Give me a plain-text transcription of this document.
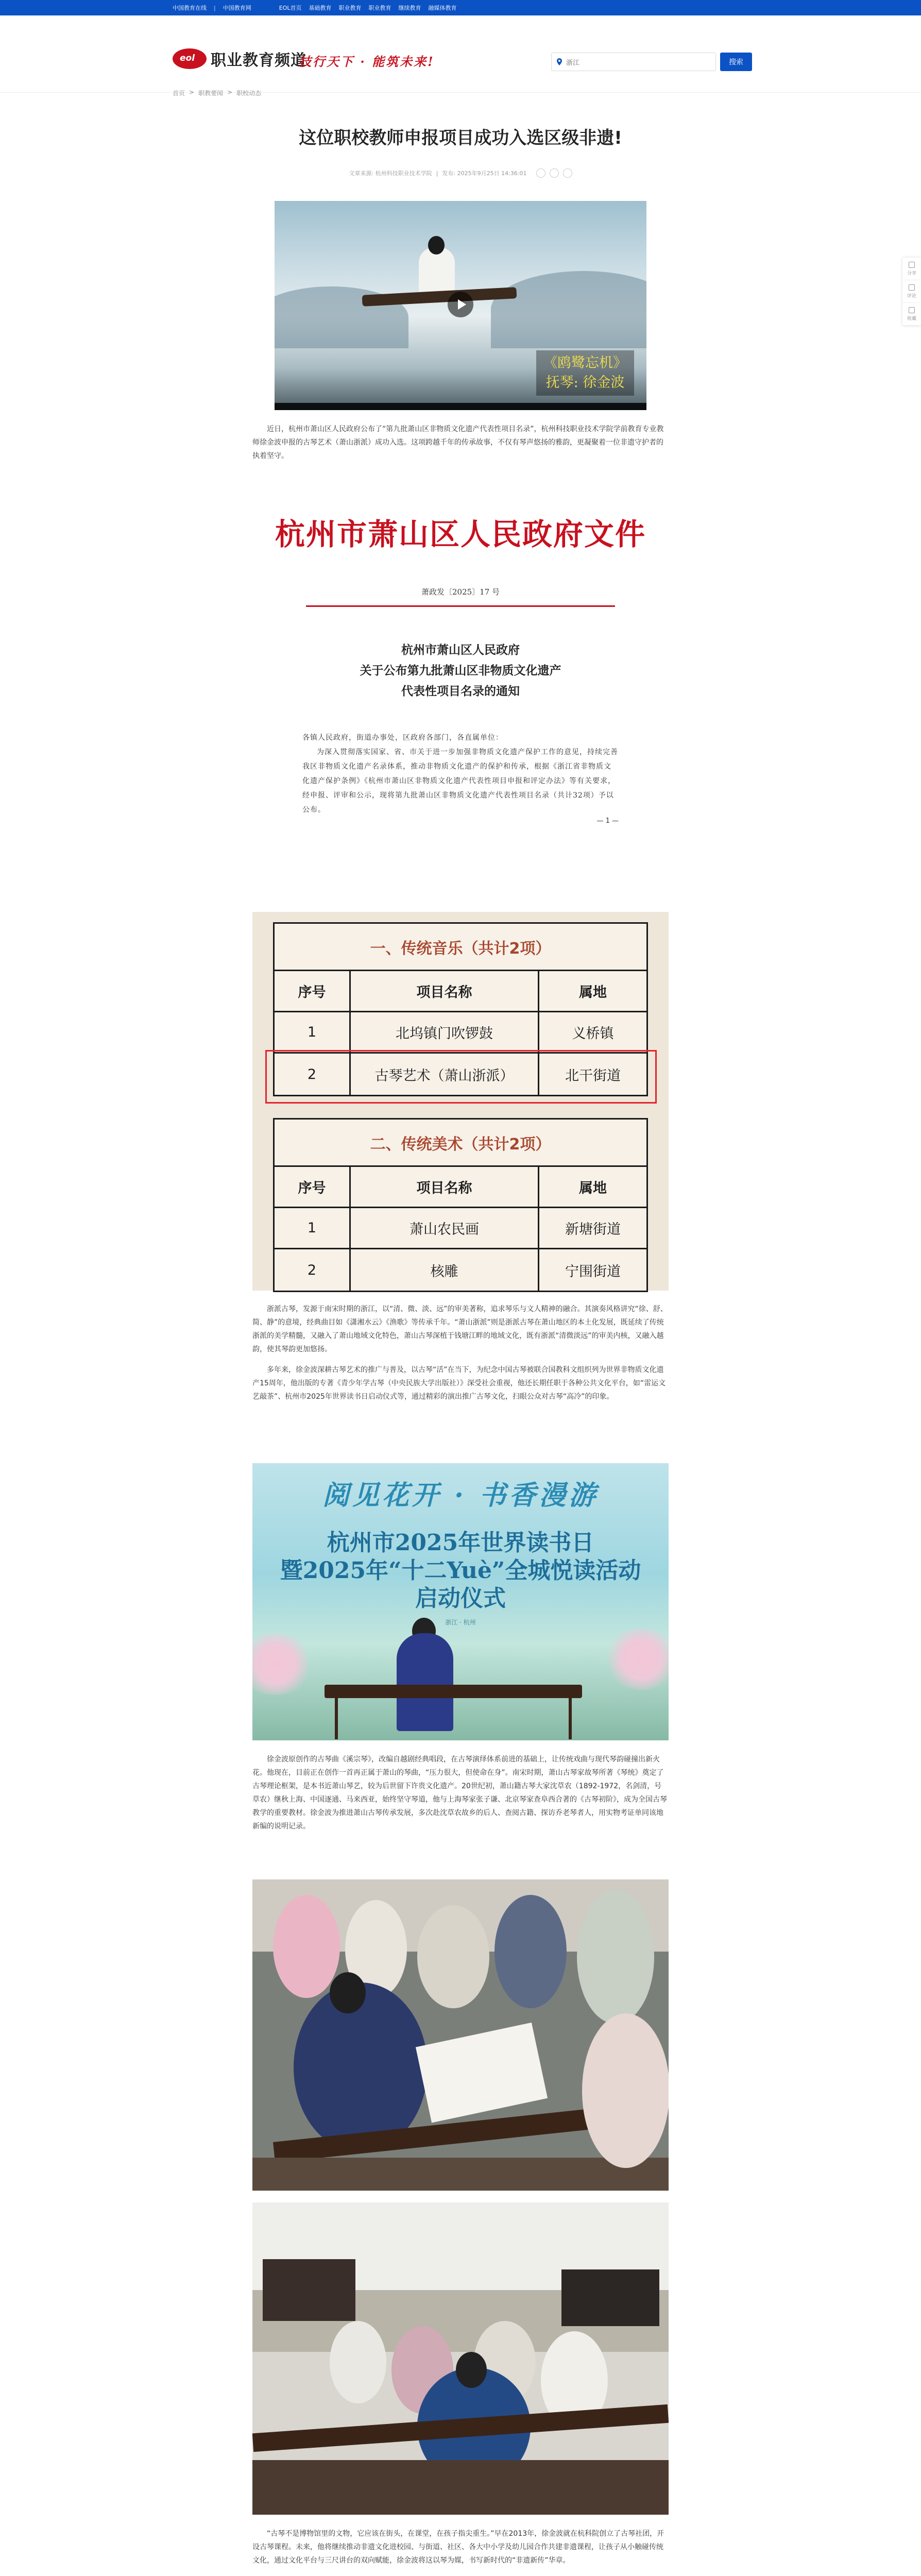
中国教育在线 | 中国教育网	EOL首页 基础教育 职业教育 职业教育 继续教育 融媒体教育
eol
职业教育频道
技行天下 · 能筑未来!	浙江	搜索
首页 > 职教要闻 > 职校动态
分享
评论
收藏
这位职校教师申报项目成功入选区级非遗!
文章来源: 杭州科技职业技术学院 | 发布: 2025年9月25日 14:36:01
《鸥鹭忘机》
抚琴: 徐金波

近日，杭州市萧山区人民政府公布了“第九批萧山区非物质文化遗产代表性项目名录”，杭州科技职业技术学院学前教育专业教师徐金波申报的古琴艺术（萧山浙派）成功入选。这项跨越千年的传承故事，不仅有琴声悠扬的雅韵，更凝聚着一位非遗守护者的执着坚守。

杭州市萧山区人民政府文件
萧政发〔2025〕17 号
杭州市萧山区人民政府
关于公布第九批萧山区非物质文化遗产
代表性项目名录的通知
各镇人民政府，街道办事处，区政府各部门，各直属单位：
为深入贯彻落实国家、省、市关于进一步加强非物质文化遗产保护工作的意见，持续完善我区非物质文化遗产名录体系，推动非物质文化遗产的保护和传承，根据《浙江省非物质文化遗产保护条例》《杭州市萧山区非物质文化遗产代表性项目申报和评定办法》等有关要求，经申报、评审和公示，现将第九批萧山区非物质文化遗产代表性项目名录（共计32项）予以公布。
— 1 —
一、传统音乐（共计2项）
序号	项目名称	属地
1	北坞镇门吹锣鼓	义桥镇
2	古琴艺术（萧山浙派）	北干街道
二、传统美术（共计2项）
序号	项目名称	属地
1	萧山农民画	新塘街道
2	核雕	宁围街道

浙派古琴，发源于南宋时期的浙江，以“清、微、淡、远”的审美著称，追求琴乐与文人精神的融合。其演奏风格讲究“徐、舒、简、静”的意境，经典曲目如《潇湘水云》《渔歌》等传承千年。“萧山浙派”则是浙派古琴在萧山地区的本土化发展，既延续了传统浙派的美学精髓，又融入了萧山地域文化特色，萧山古琴深植于钱塘江畔的地域文化，既有浙派“清微淡远”的审美内核，又融入越韵，使其琴韵更加悠扬。

多年来，徐金波深耕古琴艺术的推广与普及，以古琴“活”在当下，为纪念中国古琴被联合国教科文组织列为世界非物质文化遗产15周年，他出版的专著《青少年学古琴（中央民族大学出版社）》深受社会重视，他还长期任职于各种公共文化平台，如“雷运文艺敲茶”、杭州市2025年世界读书日启动仪式等，通过精彩的演出推广古琴文化，扫眼公众对古琴“高冷”的印象。

阅见花开 · 书香漫游
杭州市2025年世界读书日
暨2025年“十二Yuè”全城悦读活动
启动仪式
浙江 · 杭州

徐金波原创作的古琴曲《溪宗琴》，改编自越剧经典唱段，在古琴演绎体系前进的基础上，让传统戏曲与现代琴韵碰撞出新火花。他现在，目前正在创作一首再正属于萧山的琴曲，“压力很大，但使命在身”。南宋时期，萧山古琴家故琴所著《琴统》奠定了古琴理论框架，是本书近萧山琴艺，较为后世留下许贵文化遗产。20世纪初，萧山籍古琴大家沈草农（1892-1972，名剑清，号草农）继秋上海、中国逐通、马来西亚，始终坚守琴道，他与上海琴家张子谦、北京琴家查阜西合著的《古琴初阶》，成为全国古琴教学的重要教材。徐金波为推进萧山古琴传承发展，多次赴沈草农故乡的后人、查阅古籍、探访乔老琴者人，用实物考证单同该地新编的说明记录。

“古琴不是博物馆里的文物，它应该在街头，在课堂，在孩子指尖重生。”早在2013年，徐金波就在杭科院创立了古琴社团，开设古琴课程。未来，他将继续推动非遗文化进校园、与街道、社区、各大中小学及幼儿园合作共建非遗课程，让孩子从小触碰传统文化，通过文化平台与三尺讲台的双向赋能，徐金波将这以琴为媒，书写新时代的“非遗新传”华章。
